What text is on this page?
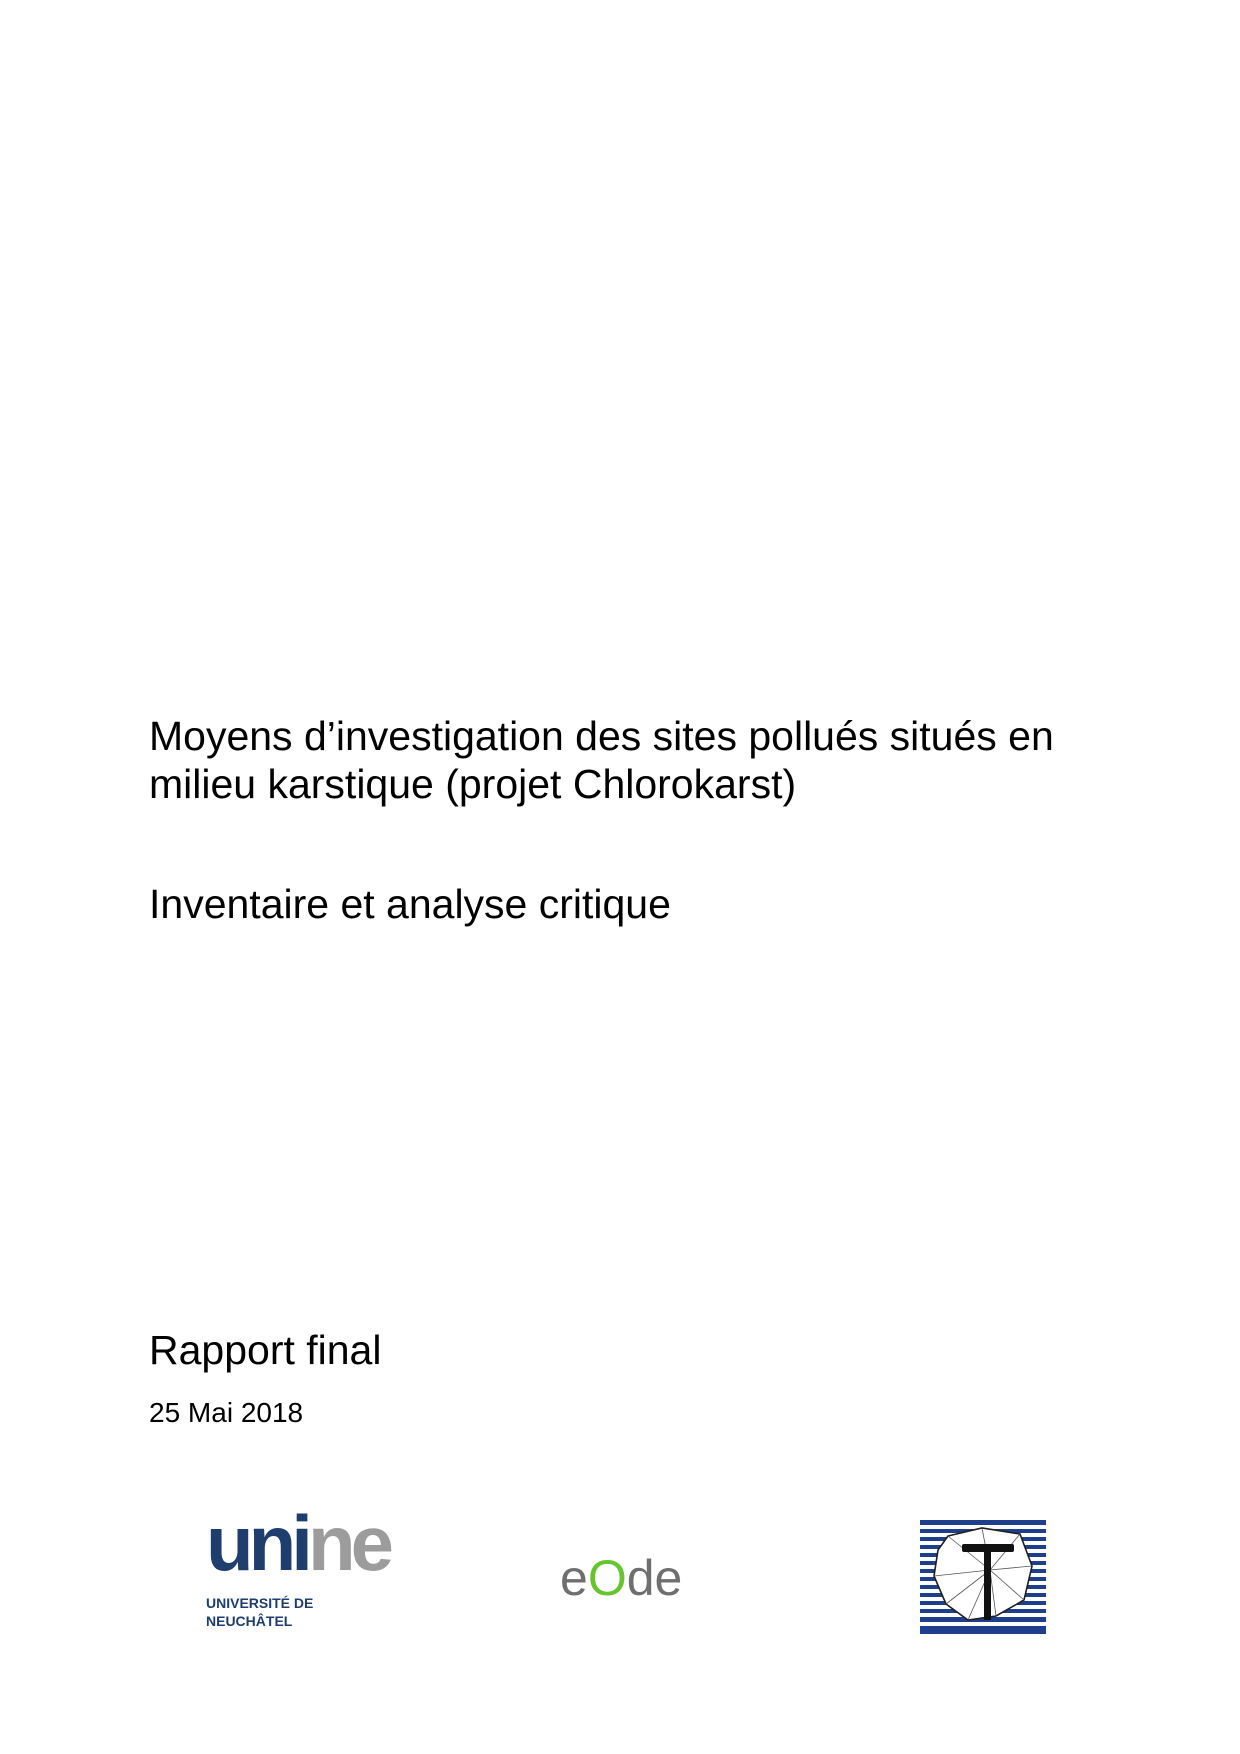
Moyens d’investigation des sites pollués situés en milieu karstique (projet Chlorokarst)
Inventaire et analyse critique
Rapport final

25 Mai 2018

unine
UNIVERSITÉ DE
NEUCHÂTEL
eOde
